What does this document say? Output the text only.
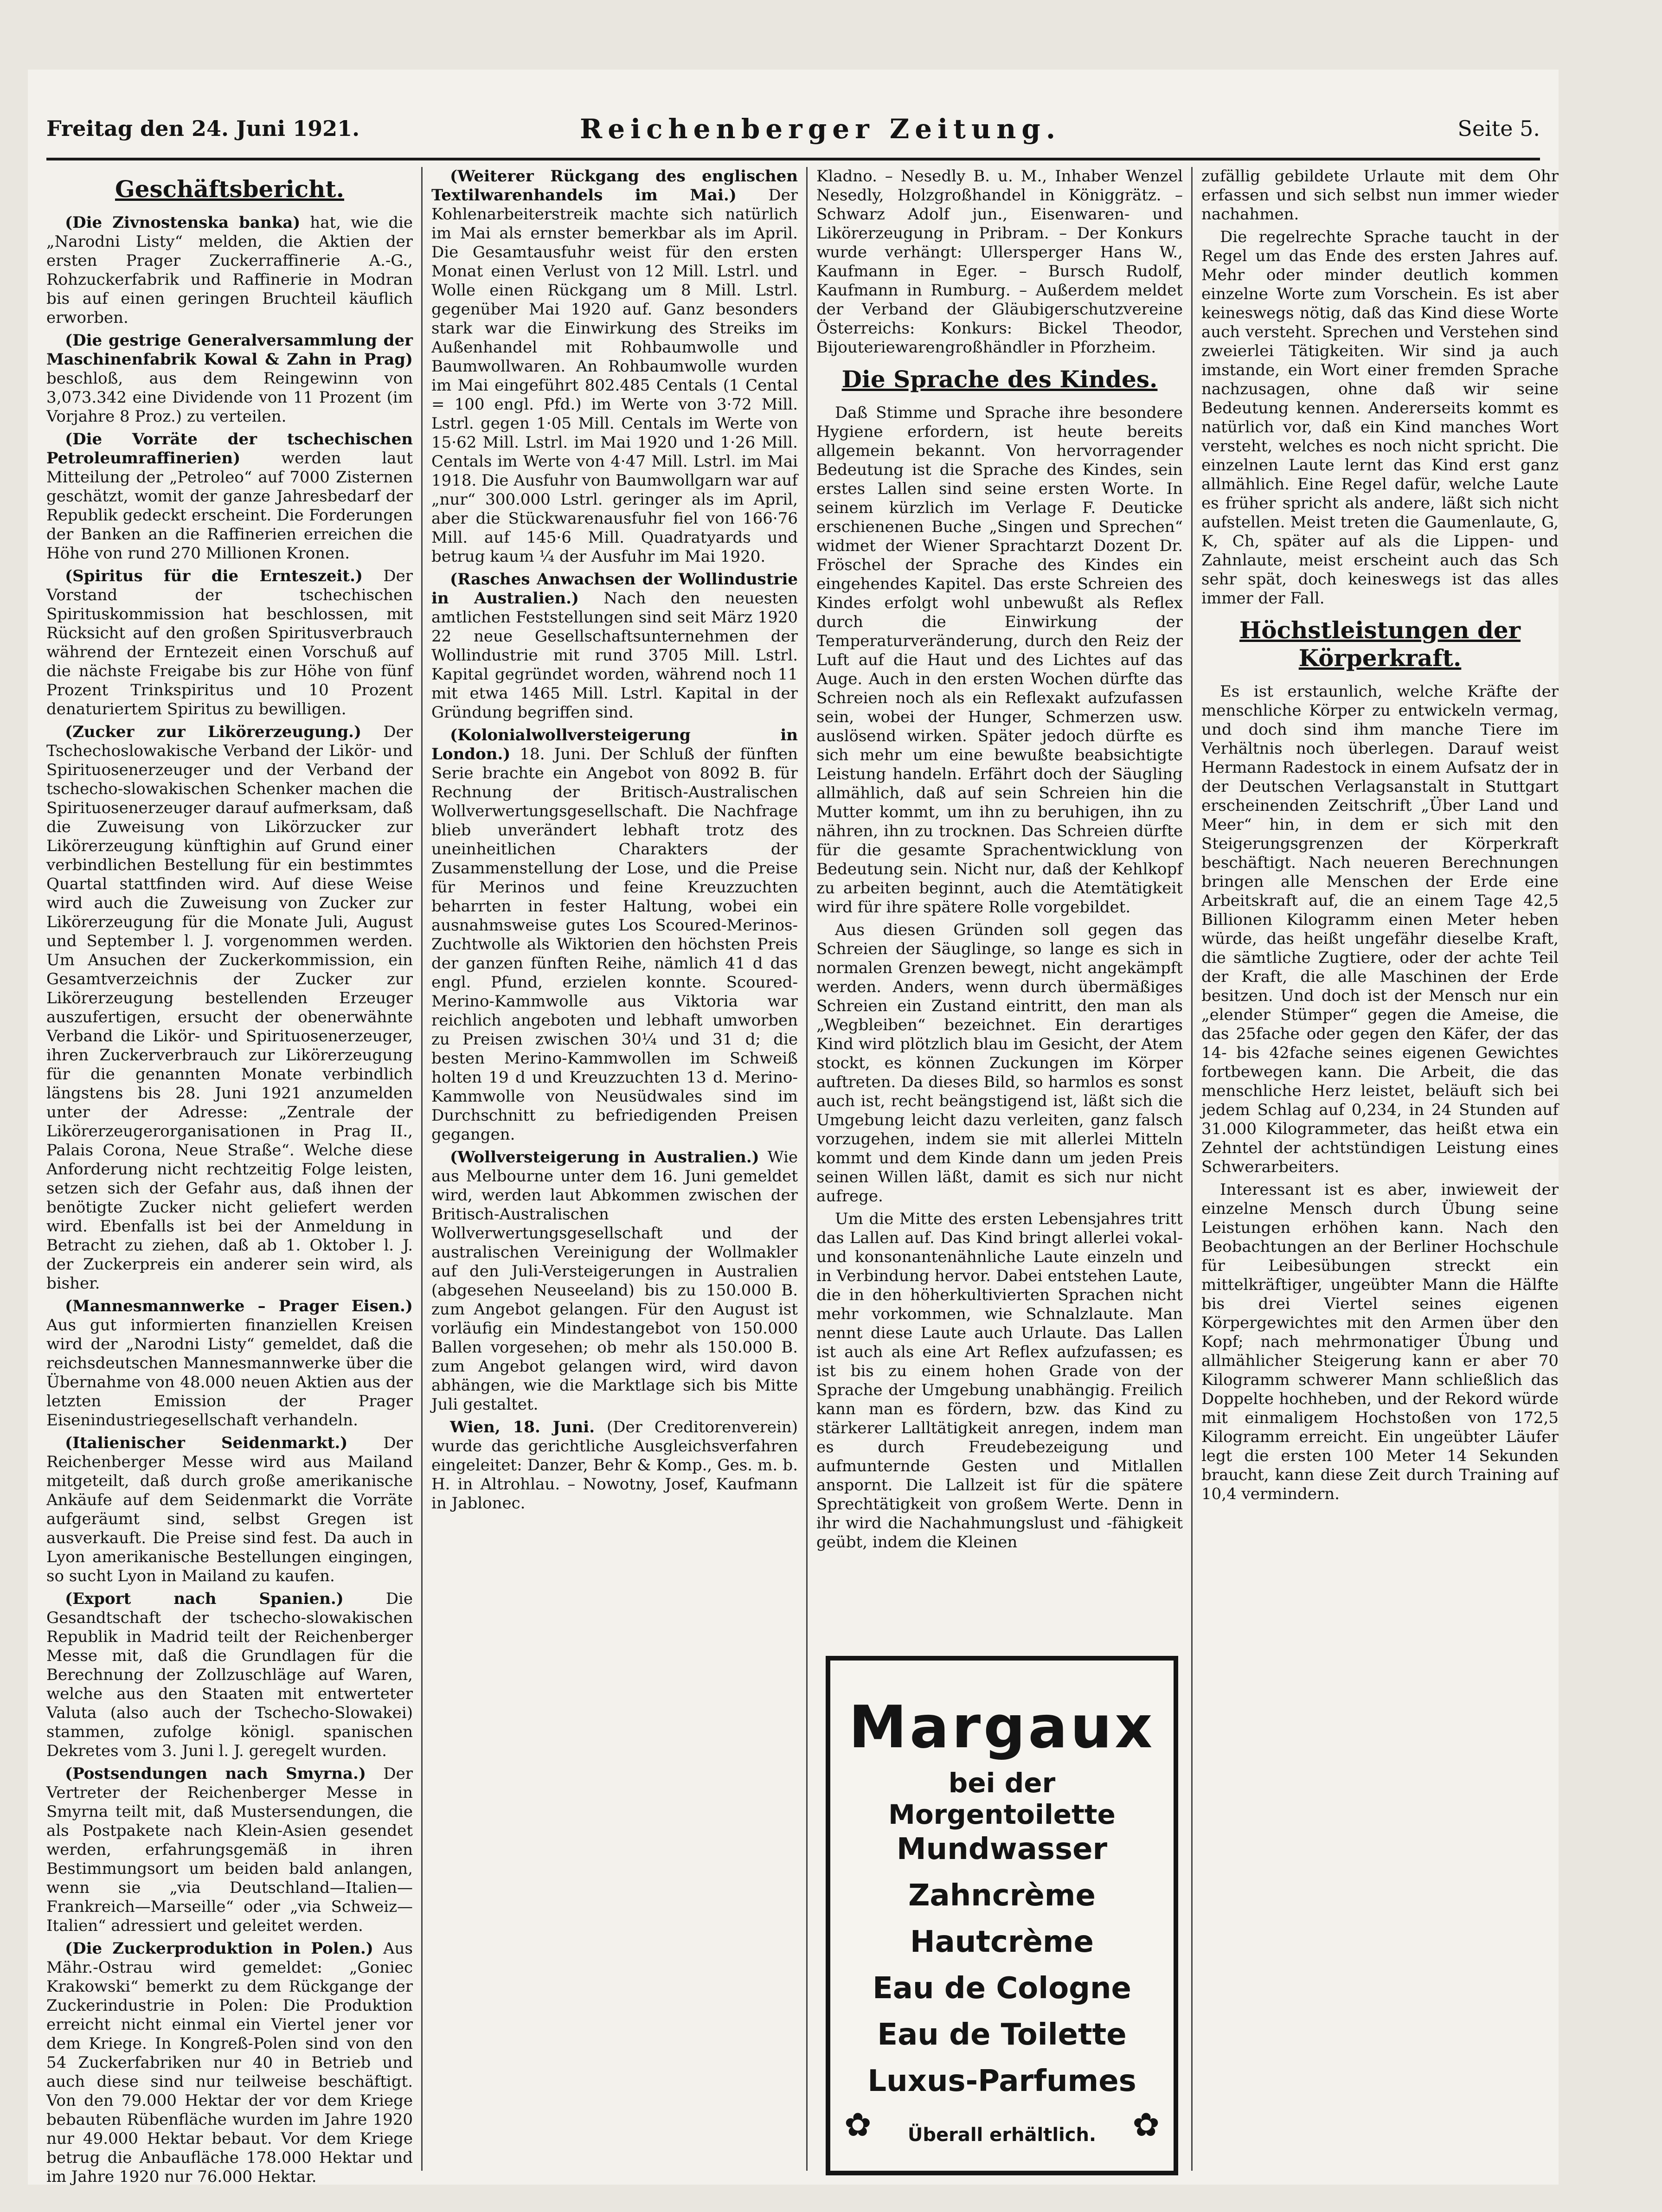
Freitag den 24. Juni 1921.	Reichenberger Zeitung.	Seite 5.
Geschäftsbericht.

(Die Zivnostenska banka) hat, wie die „Narodni Listy“ melden, die Aktien der ersten Prager Zuckerraffinerie A.-G., Rohzuckerfabrik und Raffinerie in Modran bis auf einen geringen Bruchteil käuflich erworben.

(Die gestrige Generalversammlung der Maschinenfabrik Kowal & Zahn in Prag) beschloß, aus dem Reingewinn von 3,073.342 eine Dividende von 11 Prozent (im Vorjahre 8 Proz.) zu verteilen.

(Die Vorräte der tschechischen Petroleumraffinerien)	werden laut Mitteilung der „Petroleo“ auf 7000 Zisternen geschätzt, womit der ganze Jahresbedarf der Republik gedeckt erscheint. Die Forderungen der Banken an die Raffinerien erreichen die Höhe von rund 270 Millionen Kronen.

(Spiritus für die Ernteszeit.) Der Vorstand der tschechischen Spirituskommission hat beschlossen, mit Rücksicht auf den großen Spiritusverbrauch während der Erntezeit einen Vorschuß auf die nächste Freigabe bis zur Höhe von fünf Prozent Trinkspiritus und 10 Prozent denaturiertem Spiritus zu bewilligen.

(Zucker zur Likörerzeugung.) Der Tschechoslowakische Verband der Likör- und Spirituosenerzeuger und der Verband der tschecho-slowakischen Schenker machen die Spirituosenerzeuger darauf aufmerksam, daß die Zuweisung von Likörzucker zur Likörerzeugung künftighin auf Grund einer verbindlichen Bestellung für ein bestimmtes Quartal stattfinden wird. Auf diese Weise wird auch die Zuweisung von Zucker zur Likörerzeugung für die Monate Juli, August und September l. J. vorgenommen werden. Um Ansuchen der Zuckerkommission, ein Gesamtverzeichnis der Zucker zur Likörerzeugung bestellenden Erzeuger auszufertigen, ersucht der obenerwähnte Verband die Likör- und Spirituosenerzeuger, ihren Zuckerverbrauch zur Likörerzeugung für die genannten Monate verbindlich längstens bis 28. Juni 1921 anzumelden unter der Adresse: „Zentrale der Likörerzeugerorganisationen in Prag II., Palais Corona, Neue Straße“. Welche diese Anforderung nicht rechtzeitig Folge leisten, setzen sich der Gefahr aus, daß ihnen der benötigte Zucker nicht geliefert werden wird. Ebenfalls ist bei der Anmeldung in Betracht zu ziehen, daß ab 1. Oktober l. J. der Zuckerpreis ein anderer sein wird, als bisher.

(Mannesmannwerke – Prager Eisen.) Aus gut informierten finanziellen Kreisen wird der „Narodni Listy“ gemeldet, daß die reichsdeutschen Mannesmannwerke über die Übernahme von 48.000 neuen Aktien aus der letzten Emission der Prager Eisenindustriegesellschaft verhandeln.

(Italienischer Seidenmarkt.) Der Reichenberger Messe wird aus Mailand mitgeteilt, daß durch große amerikanische Ankäufe auf dem Seidenmarkt die Vorräte aufgeräumt sind, selbst Gregen ist ausverkauft. Die Preise sind fest. Da auch in Lyon amerikanische Bestellungen eingingen, so sucht Lyon in Mailand zu kaufen.

(Export nach Spanien.)	Die Gesandtschaft der tschecho-slowakischen Republik in Madrid teilt der Reichenberger Messe mit, daß die Grundlagen für die Berechnung der Zollzuschläge auf Waren, welche aus den Staaten mit entwerteter Valuta (also auch der Tschecho-Slowakei) stammen, zufolge königl. spanischen Dekretes vom 3. Juni l. J. geregelt wurden.

(Postsendungen nach Smyrna.) Der Vertreter der Reichenberger Messe in Smyrna teilt mit, daß Mustersendungen, die als Postpakete nach Klein-Asien gesendet werden, erfahrungsgemäß in ihren Bestimmungsort um beiden bald anlangen, wenn sie „via Deutschland—Italien—Frankreich—Marseille“ oder „via Schweiz—Italien“ adressiert und geleitet werden.

(Die Zuckerproduktion in Polen.) Aus Mähr.-Ostrau wird gemeldet: „Goniec Krakowski“ bemerkt zu dem Rückgange der Zuckerindustrie in Polen: Die Produktion erreicht nicht einmal ein Viertel jener vor dem Kriege. In Kongreß-Polen sind von den 54 Zuckerfabriken nur 40 in Betrieb und auch diese sind nur teilweise beschäftigt. Von den 79.000 Hektar der vor dem Kriege bebauten Rübenfläche wurden im Jahre 1920 nur 49.000 Hektar bebaut. Vor dem Kriege betrug die Anbaufläche 178.000 Hektar und im Jahre 1920 nur 76.000 Hektar.

(Weiterer Rückgang des englischen Textilwarenhandels im Mai.) Der Kohlenarbeiterstreik machte sich natürlich im Mai als ernster bemerkbar als im April. Die Gesamtausfuhr weist für den ersten Monat einen Verlust von 12 Mill. Lstrl. und Wolle einen Rückgang um 8 Mill. Lstrl. gegenüber Mai 1920 auf. Ganz besonders stark war die Einwirkung des Streiks im Außenhandel mit Rohbaumwolle und Baumwollwaren. An Rohbaumwolle wurden im Mai eingeführt 802.485 Centals (1 Cental = 100 engl. Pfd.) im Werte von 3·72 Mill. Lstrl. gegen 1·05 Mill. Centals im Werte von 15·62 Mill. Lstrl. im Mai 1920 und 1·26 Mill. Centals im Werte von 4·47 Mill. Lstrl. im Mai 1918. Die Ausfuhr von Baumwollgarn war auf „nur“ 300.000 Lstrl. geringer als im April, aber die Stückwarenausfuhr fiel von 166·76 Mill. auf 145·6 Mill. Quadratyards und betrug kaum ¼ der Ausfuhr im Mai 1920.

(Rasches Anwachsen der Wollindustrie in Australien.) Nach den neuesten amtlichen Feststellungen sind seit März 1920 22 neue Gesellschaftsunternehmen der Wollindustrie mit rund 3705 Mill. Lstrl. Kapital gegründet worden, während noch 11 mit etwa 1465 Mill. Lstrl. Kapital in der Gründung begriffen sind.

(Kolonialwollversteigerung in London.) 18. Juni. Der Schluß der fünften Serie brachte ein Angebot von 8092 B. für Rechnung der Britisch-Australischen Wollverwertungsgesellschaft. Die Nachfrage blieb unverändert lebhaft trotz des uneinheitlichen Charakters der Zusammenstellung der Lose, und die Preise für Merinos und feine Kreuzzuchten beharrten in fester Haltung, wobei ein ausnahmsweise gutes Los Scoured-Merinos-Zuchtwolle als Wiktorien den höchsten Preis der ganzen fünften Reihe, nämlich 41 d das engl. Pfund, erzielen konnte. Scoured-Merino-Kammwolle aus Viktoria war reichlich angeboten und lebhaft umworben zu Preisen zwischen 30¼ und 31 d; die besten Merino-Kammwollen im Schweiß holten 19 d und Kreuzzuchten 13 d. Merino-Kammwolle von Neusüdwales sind im Durchschnitt zu befriedigenden Preisen gegangen.

(Wollversteigerung in Australien.) Wie aus Melbourne unter dem 16. Juni gemeldet wird, werden laut Abkommen zwischen der Britisch-Australischen Wollverwertungsgesellschaft und der australischen Vereinigung der Wollmakler auf den Juli-Versteigerungen in Australien (abgesehen Neuseeland) bis zu 150.000 B. zum Angebot gelangen. Für den August ist vorläufig ein Mindestangebot von 150.000 Ballen vorgesehen; ob mehr als 150.000 B. zum Angebot gelangen wird, wird davon abhängen, wie die Marktlage sich bis Mitte Juli gestaltet.

Wien, 18. Juni. (Der Creditorenverein) wurde das gerichtliche Ausgleichsverfahren eingeleitet: Danzer, Behr & Komp., Ges. m. b. H. in Altrohlau. – Nowotny, Josef, Kaufmann in Jablonec.

Kladno. – Nesedly B. u. M., Inhaber Wenzel Nesedly, Holzgroßhandel in Königgrätz. – Schwarz Adolf jun., Eisenwaren- und Likörerzeugung in Pribram. – Der Konkurs wurde verhängt: Ullersperger Hans W., Kaufmann in Eger. – Bursch Rudolf, Kaufmann in Rumburg. – Außerdem meldet der Verband der Gläubigerschutzvereine Österreichs: Konkurs: Bickel Theodor, Bijouteriewarengroßhändler in Pforzheim.

Die Sprache des Kindes.

Daß Stimme und Sprache ihre besondere Hygiene erfordern, ist heute bereits allgemein bekannt. Von hervorragender Bedeutung ist die Sprache des Kindes, sein erstes Lallen sind seine ersten Worte. In seinem kürzlich im Verlage F. Deuticke erschienenen Buche „Singen und Sprechen“ widmet der Wiener Sprachtarzt Dozent Dr. Fröschel der Sprache des Kindes ein eingehendes Kapitel. Das erste Schreien des Kindes erfolgt wohl unbewußt als Reflex durch die Einwirkung der Temperaturveränderung, durch den Reiz der Luft auf die Haut und des Lichtes auf das Auge. Auch in den ersten Wochen dürfte das Schreien noch als ein Reflexakt aufzufassen sein, wobei der Hunger, Schmerzen usw. auslösend wirken. Später jedoch dürfte es sich mehr um eine bewußte beabsichtigte Leistung handeln. Erfährt doch der Säugling allmählich, daß auf sein Schreien hin die Mutter kommt, um ihn zu beruhigen, ihn zu nähren, ihn zu trocknen. Das Schreien dürfte für die gesamte Sprachentwicklung von Bedeutung sein. Nicht nur, daß der Kehlkopf zu arbeiten beginnt, auch die Atemtätigkeit wird für ihre spätere Rolle vorgebildet.

Aus diesen Gründen soll gegen das Schreien der Säuglinge, so lange es sich in normalen Grenzen bewegt, nicht angekämpft werden. Anders, wenn durch übermäßiges Schreien ein Zustand eintritt, den man als „Wegbleiben“ bezeichnet. Ein derartiges Kind wird plötzlich blau im Gesicht, der Atem stockt, es können Zuckungen im Körper auftreten. Da dieses Bild, so harmlos es sonst auch ist, recht beängstigend ist, läßt sich die Umgebung leicht dazu verleiten, ganz falsch vorzugehen, indem sie mit allerlei Mitteln kommt und dem Kinde dann um jeden Preis seinen Willen läßt, damit es sich nur nicht aufrege.

Um die Mitte des ersten Lebensjahres tritt das Lallen auf. Das Kind bringt allerlei vokal- und konsonantenähnliche Laute einzeln und in Verbindung hervor. Dabei entstehen Laute, die in den höherkultivierten Sprachen nicht mehr vorkommen, wie Schnalzlaute. Man nennt diese Laute auch Urlaute. Das Lallen ist auch als eine Art Reflex aufzufassen; es ist bis zu einem hohen Grade von der Sprache der Umgebung unabhängig. Freilich kann man es fördern, bzw. das Kind zu stärkerer Lalltätigkeit anregen, indem man es durch Freudebezeigung und aufmunternde Gesten und Mitlallen anspornt. Die Lallzeit ist für die spätere Sprechtätigkeit von großem Werte. Denn in ihr wird die Nachahmungslust und -fähigkeit geübt, indem die Kleinen

Margaux
bei der Morgentoilette
Mundwasser
Zahncrème
Hautcrème
Eau de Cologne
Eau de Toilette
Luxus-Parfumes
✿	✿
Überall erhältlich.

zufällig gebildete Urlaute mit dem Ohr erfassen und sich selbst nun immer wieder nachahmen.

Die regelrechte Sprache taucht in der Regel um das Ende des ersten Jahres auf. Mehr oder minder deutlich kommen einzelne Worte zum Vorschein. Es ist aber keineswegs nötig, daß das Kind diese Worte auch versteht. Sprechen und Verstehen sind zweierlei Tätigkeiten. Wir sind ja auch imstande, ein Wort einer fremden Sprache nachzusagen, ohne daß wir seine Bedeutung kennen. Andererseits kommt es natürlich vor, daß ein Kind manches Wort versteht, welches es noch nicht spricht. Die einzelnen Laute lernt das Kind erst ganz allmählich. Eine Regel dafür, welche Laute es früher spricht als andere, läßt sich nicht aufstellen. Meist treten die Gaumenlaute, G, K, Ch, später auf als die Lippen- und Zahnlaute, meist erscheint auch das Sch sehr spät, doch keineswegs ist das alles immer der Fall.

Höchstleistungen der Körperkraft.

Es ist erstaunlich, welche Kräfte der menschliche Körper zu entwickeln vermag, und doch sind ihm manche Tiere im Verhältnis noch überlegen. Darauf weist Hermann Radestock in einem Aufsatz der in der Deutschen Verlagsanstalt in Stuttgart erscheinenden Zeitschrift „Über Land und Meer“ hin, in dem er sich mit den Steigerungsgrenzen der Körperkraft beschäftigt. Nach neueren Berechnungen bringen alle Menschen der Erde eine Arbeitskraft auf, die an einem Tage 42,5 Billionen Kilogramm einen Meter heben würde, das heißt ungefähr dieselbe Kraft, die sämtliche Zugtiere, oder der achte Teil der Kraft, die alle Maschinen der Erde besitzen. Und doch ist der Mensch nur ein „elender Stümper“ gegen die Ameise, die das 25fache oder gegen den Käfer, der das 14- bis 42fache seines eigenen Gewichtes fortbewegen kann. Die Arbeit, die das menschliche Herz leistet, beläuft sich bei jedem Schlag auf 0,234, in 24 Stunden auf 31.000 Kilogrammeter, das heißt etwa ein Zehntel der achtstündigen Leistung eines Schwerarbeiters.

Interessant ist es aber, inwieweit der einzelne Mensch durch Übung seine Leistungen erhöhen kann. Nach den Beobachtungen an der Berliner Hochschule für Leibesübungen streckt ein mittelkräftiger, ungeübter Mann die Hälfte bis drei Viertel seines eigenen Körpergewichtes mit den Armen über den Kopf; nach mehrmonatiger Übung und allmählicher Steigerung kann er aber 70 Kilogramm schwerer Mann schließlich das Doppelte hochheben, und der Rekord würde mit einmaligem Hochstoßen von 172,5 Kilogramm erreicht. Ein ungeübter Läufer legt die ersten 100 Meter 14 Sekunden braucht, kann diese Zeit durch Training auf 10,4 vermindern.
